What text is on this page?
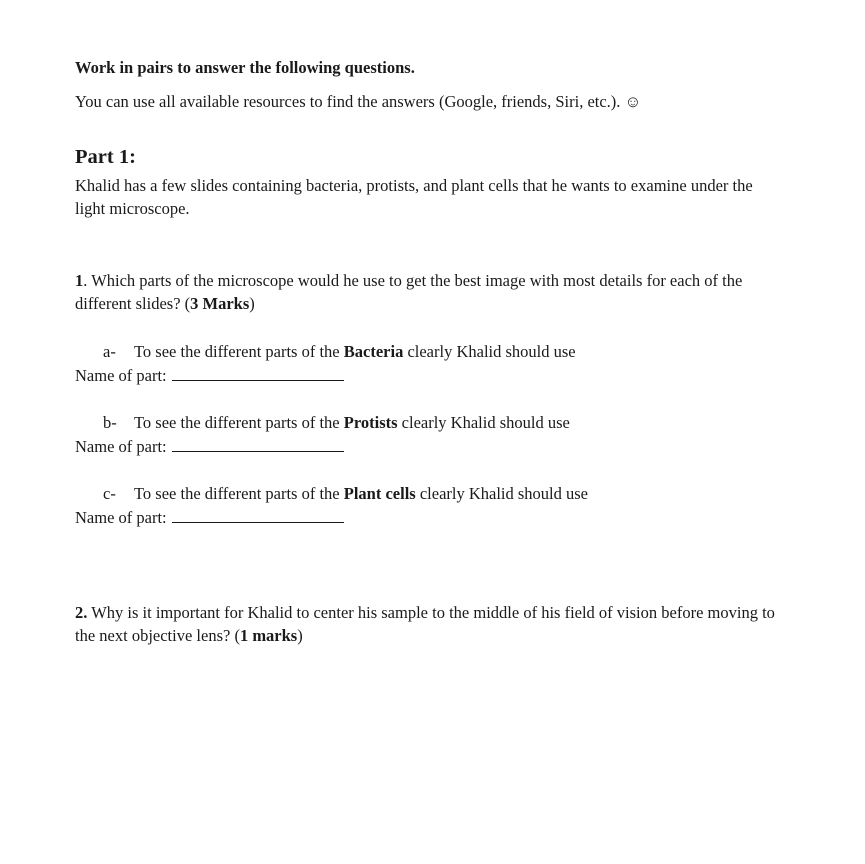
Work in pairs to answer the following questions.
You can use all available resources to find the answers (Google, friends, Siri, etc.). ☺
Part 1:
Khalid has a few slides containing bacteria, protists, and plant cells that he wants to examine under the
light microscope.
1. Which parts of the microscope would he use to get the best image with most details for each of the
different slides? (3 Marks)
a- To see the different parts of the Bacteria clearly Khalid should use
Name of part:
b- To see the different parts of the Protists clearly Khalid should use
Name of part:
c- To see the different parts of the Plant cells clearly Khalid should use
Name of part:
2. Why is it important for Khalid to center his sample to the middle of his field of vision before moving to
the next objective lens? (1 marks)
